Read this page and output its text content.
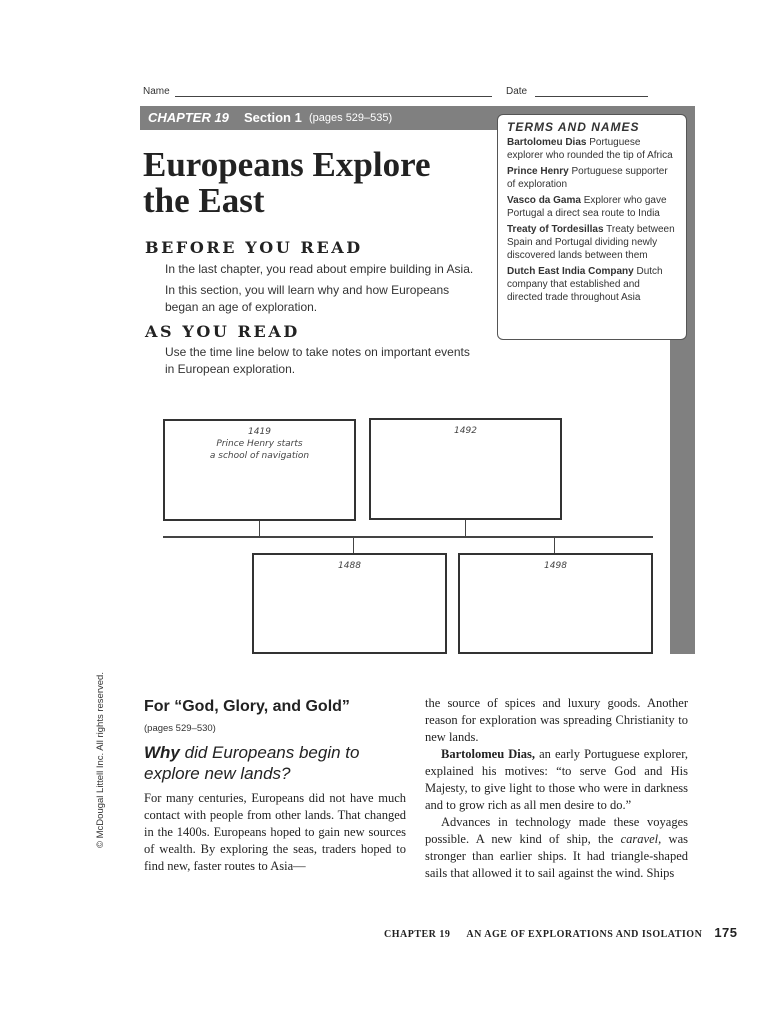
Name	Date
CHAPTER 19 Section 1 (pages 529–535)
TERMS AND NAMES
Bartolomeu Dias Portuguese explorer who rounded the tip of Africa
Prince Henry Portuguese supporter of exploration
Vasco da Gama Explorer who gave Portugal a direct sea route to India
Treaty of Tordesillas Treaty between Spain and Portugal dividing newly discovered lands between them
Dutch East India Company Dutch company that established and directed trade throughout Asia
Europeans Explore
the East
BEFORE YOU READ
In the last chapter, you read about empire building in Asia.
In this section, you will learn why and how Europeans
began an age of exploration.
AS YOU READ
Use the time line below to take notes on important events
in European exploration.
1419
Prince Henry starts
a school of navigation
1492
1488	1498
© McDougal Littell Inc. All rights reserved. For “God, Glory, and Gold”
(pages 529–530)
Why did Europeans begin to
explore new lands?
For many centuries, Europeans did not have much contact with people from other lands. That changed in the 1400s. Europeans hoped to gain new sources of wealth. By exploring the seas, traders hoped to find new, faster routes to Asia—
the source of spices and luxury goods. Another reason for exploration was spreading Christianity to new lands.
Bartolomeu Dias, an early Portuguese explorer, explained his motives: “to serve God and His Majesty, to give light to those who were in darkness and to grow rich as all men desire to do.”
Advances in technology made these voyages possible. A new kind of ship, the caravel, was stronger than earlier ships. It had triangle-shaped sails that allowed it to sail against the wind. Ships
CHAPTER 19 AN AGE OF EXPLORATIONS AND ISOLATION 175
